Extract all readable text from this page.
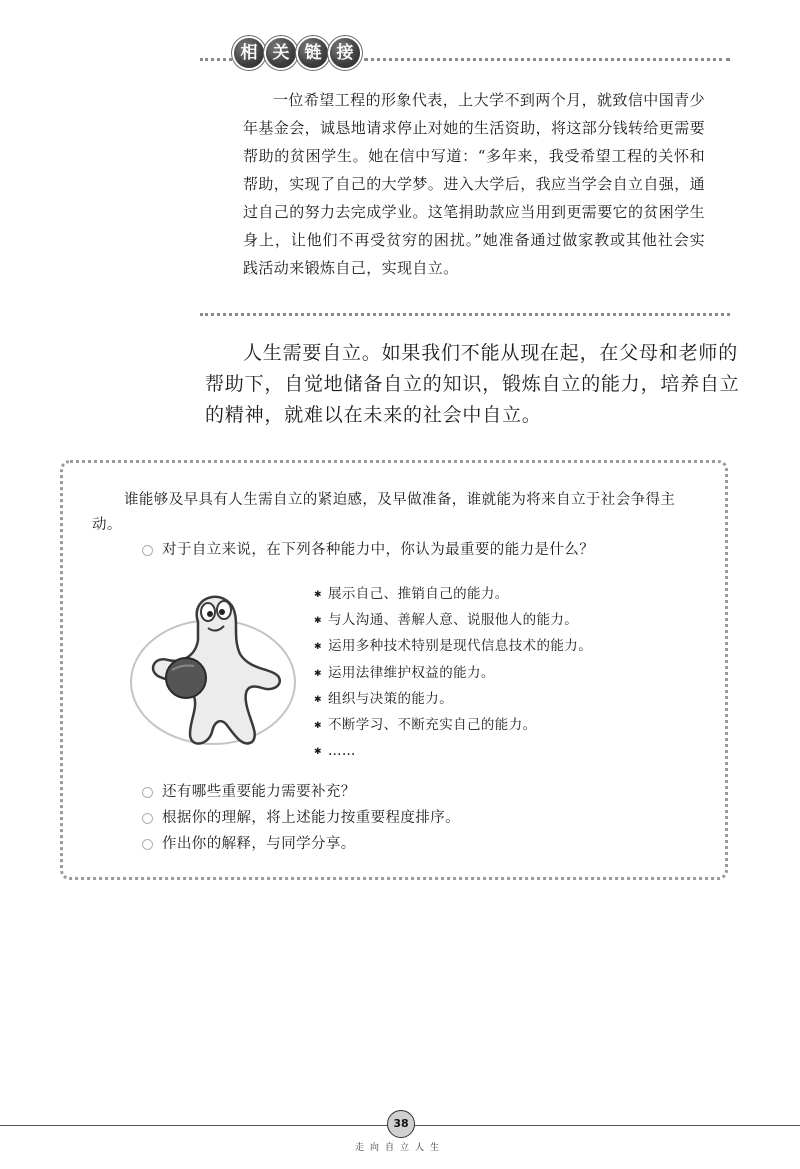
相 关 链 接

一位希望工程的形象代表，上大学不到两个月，就致信中国青少年基金会，诚恳地请求停止对她的生活资助，将这部分钱转给更需要帮助的贫困学生。她在信中写道：“多年来，我受希望工程的关怀和帮助，实现了自己的大学梦。进入大学后，我应当学会自立自强，通过自己的努力去完成学业。这笔捐助款应当用到更需要它的贫困学生身上，让他们不再受贫穷的困扰。”她准备通过做家教或其他社会实践活动来锻炼自己，实现自立。

人生需要自立。如果我们不能从现在起，在父母和老师的帮助下，自觉地储备自立的知识，锻炼自立的能力，培养自立的精神，就难以在未来的社会中自立。

谁能够及早具有人生需自立的紧迫感，及早做准备，谁就能为将来自立于社会争得主动。

对于自立来说，在下列各种能力中，你认为最重要的能力是什么？
✱ 展示自己、推销自己的能力。
✱ 与人沟通、善解人意、说服他人的能力。
✱ 运用多种技术特别是现代信息技术的能力。
✱ 运用法律维护权益的能力。
✱ 组织与决策的能力。
✱ 不断学习、不断充实自己的能力。
✱ ……
还有哪些重要能力需要补充？
根据你的理解，将上述能力按重要程度排序。
作出你的解释，与同学分享。
38
走向自立人生
